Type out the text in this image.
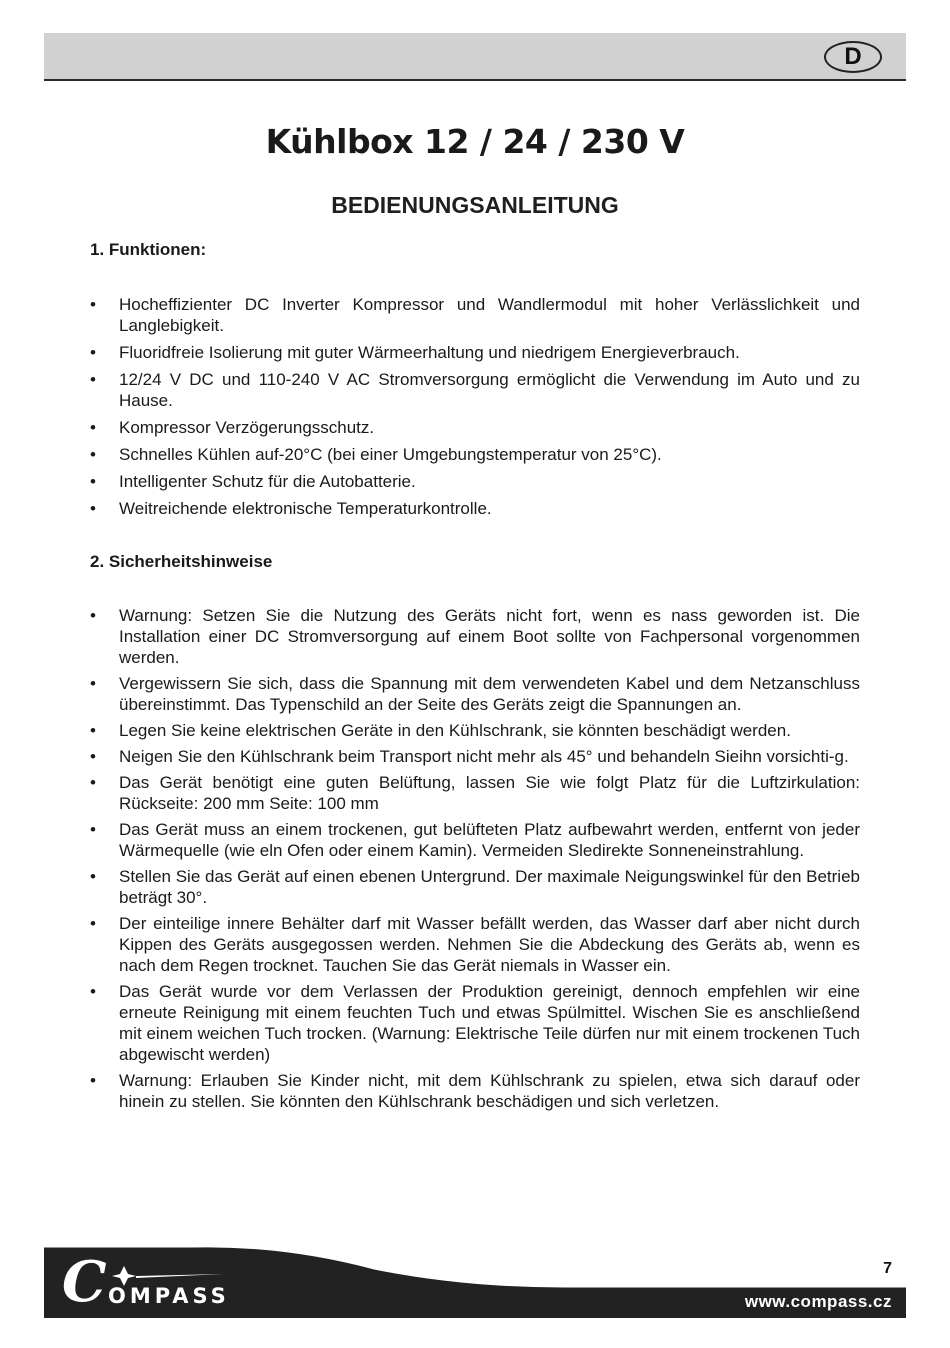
D
Kühlbox 12 / 24 / 230 V
BEDIENUNGSANLEITUNG
1. Funktionen:
• Hocheffizienter DC Inverter Kompressor und Wandlermodul mit hoher Verlässlichkeit und Langlebigkeit.
• Fluoridfreie Isolierung mit guter Wärmeerhaltung und niedrigem Energieverbrauch.
• 12/24 V DC und 110-240 V AC Stromversorgung ermöglicht die Verwendung im Auto und zu Hause.
• Kompressor Verzögerungsschutz.
• Schnelles Kühlen auf-20°C (bei einer Umgebungstemperatur von 25°C).
• Intelligenter Schutz für die Autobatterie.
• Weitreichende elektronische Temperaturkontrolle.
2. Sicherheitshinweise
• Warnung: Setzen Sie die Nutzung des Geräts nicht fort, wenn es nass geworden ist. Die Installation einer DC Stromversorgung auf einem Boot sollte von Fachpersonal vorgenommen werden.
• Vergewissern Sie sich, dass die Spannung mit dem verwendeten Kabel und dem Netzanschluss übereinstimmt. Das Typenschild an der Seite des Geräts zeigt die Spannungen an.
• Legen Sie keine elektrischen Geräte in den Kühlschrank, sie könnten beschädigt werden.
• Neigen Sie den Kühlschrank beim Transport nicht mehr als 45° und behandeln Sieihn vorsichti-g.
• Das Gerät benötigt eine guten Belüftung, lassen Sie wie folgt Platz für die Luftzirkulation: Rückseite: 200 mm Seite: 100 mm
• Das Gerät muss an einem trockenen, gut belüfteten Platz aufbewahrt werden, entfernt von jeder Wärmequelle (wie eln Ofen oder einem Kamin). Vermeiden Sledirekte Sonneneinstrahlung.
• Stellen Sie das Gerät auf einen ebenen Untergrund. Der maximale Neigungswinkel für den Betrieb beträgt 30°.
• Der einteilige innere Behälter darf mit Wasser befällt werden, das Wasser darf aber nicht durch Kippen des Geräts ausgegossen werden. Nehmen Sie die Abdeckung des Geräts ab, wenn es nach dem Regen trocknet. Tauchen Sie das Gerät niemals in Wasser ein.
• Das Gerät wurde vor dem Verlassen der Produktion gereinigt, dennoch empfehlen wir eine erneute Reinigung mit einem feuchten Tuch und etwas Spülmittel. Wischen Sie es anschließend mit einem weichen Tuch trocken. (Warnung: Elektrische Teile dürfen nur mit einem trockenen Tuch abgewischt werden)
• Warnung: Erlauben Sie Kinder nicht, mit dem Kühlschrank zu spielen, etwa sich darauf oder hinein zu stellen. Sie könnten den Kühlschrank beschädigen und sich verletzen.
C OMPASS
7
www.compass.cz
